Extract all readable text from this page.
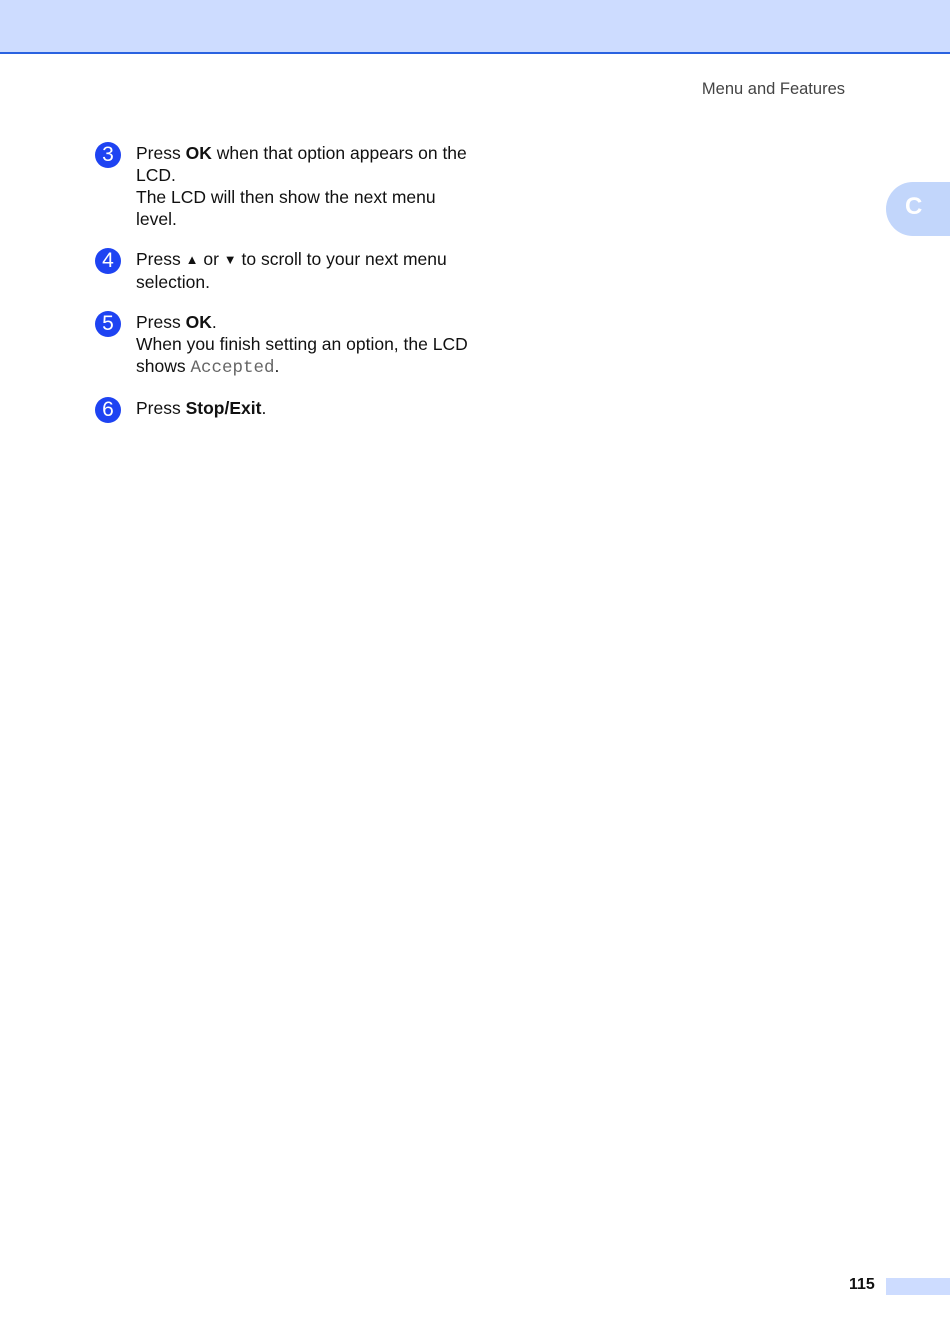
Menu and Features
C
3	Press OK when that option appears on the LCD.

The LCD will then show the next menu level.

4	Press ▲ or ▼ to scroll to your next menu selection.

5	Press OK.

When you finish setting an option, the LCD shows Accepted.

6	Press Stop/Exit.

115
